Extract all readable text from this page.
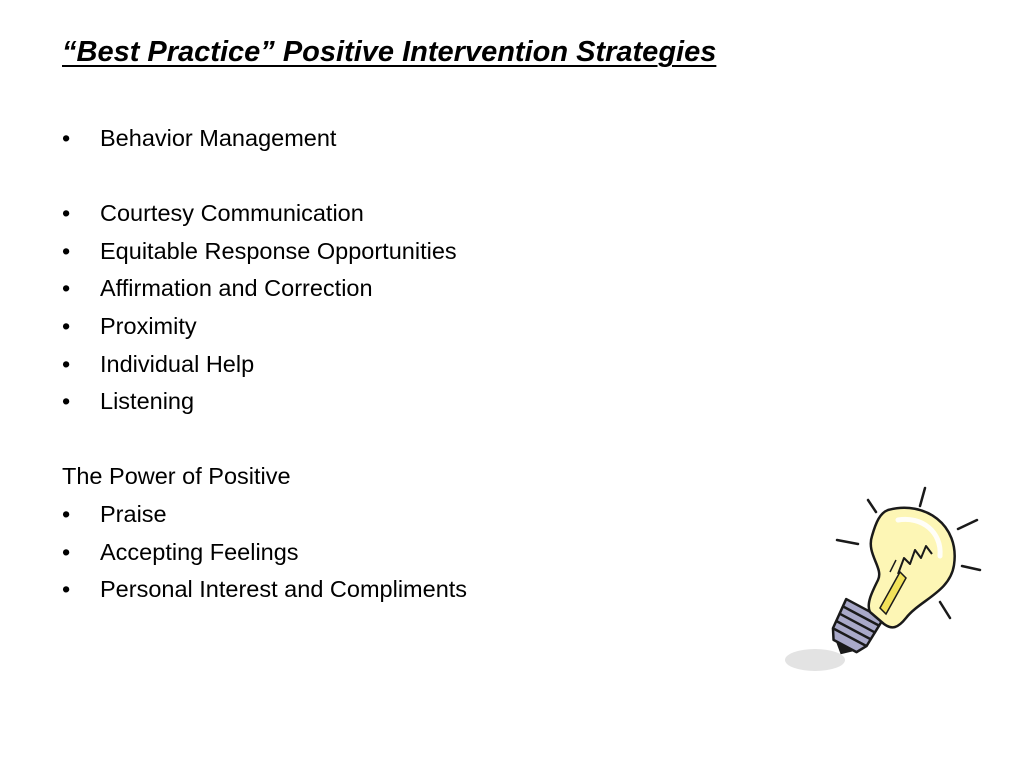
“Best Practice” Positive Intervention Strategies
•	Behavior Management
•	Courtesy Communication
•	Equitable Response Opportunities
•	Affirmation and Correction
•	Proximity
•	Individual Help
•	Listening
The Power of Positive
•	Praise
•	Accepting Feelings
•	Personal Interest and Compliments
